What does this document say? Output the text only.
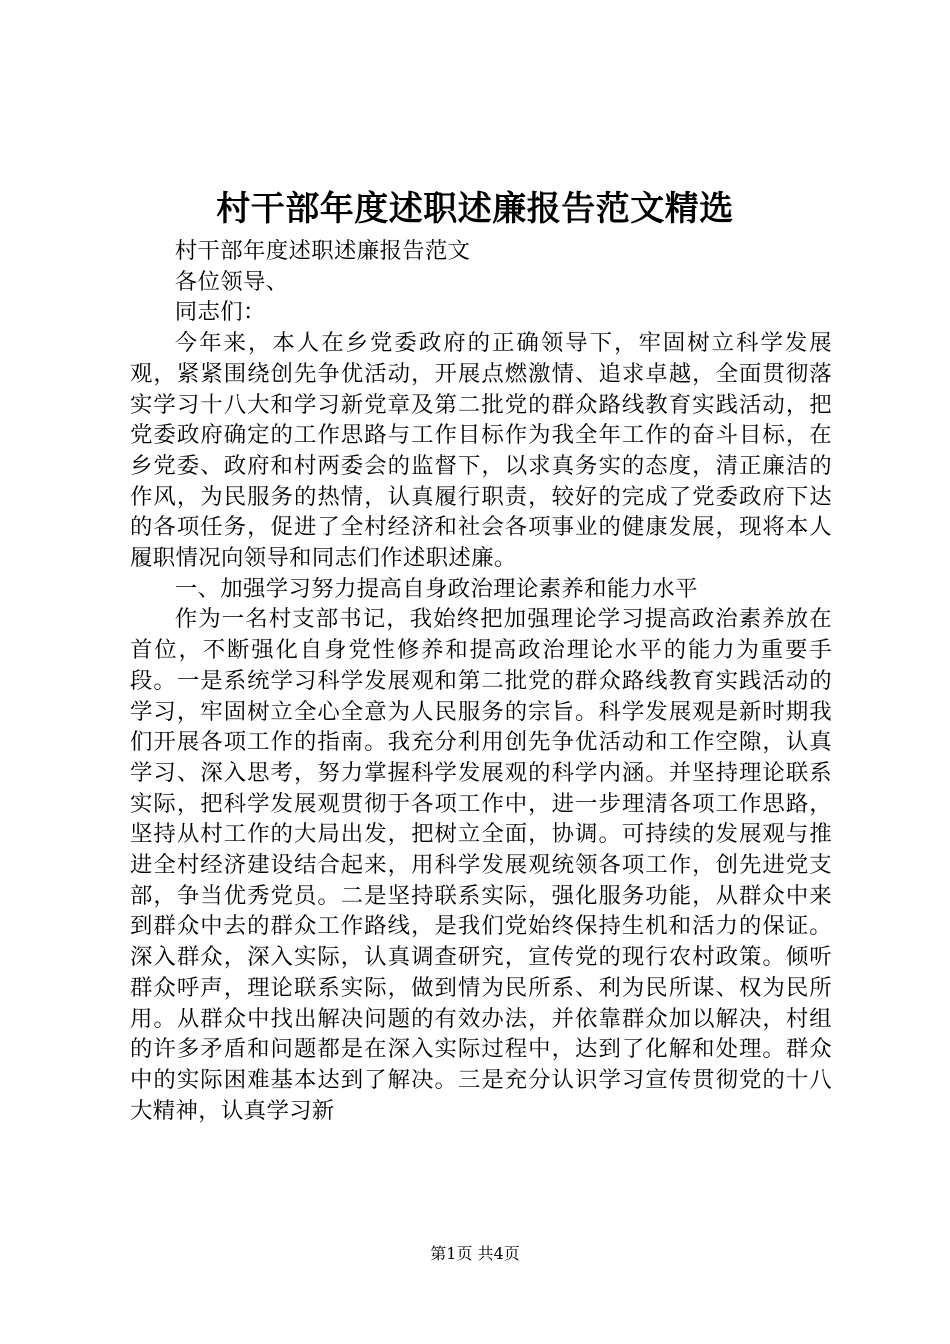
村干部年度述职述廉报告范文精选

村干部年度述职述廉报告范文

各位领导、

同志们：

今年来，本人在乡党委政府的正确领导下，牢固树立科学发展观，紧紧围绕创先争优活动，开展点燃激情、追求卓越，全面贯彻落实学习十八大和学习新党章及第二批党的群众路线教育实践活动，把党委政府确定的工作思路与工作目标作为我全年工作的奋斗目标，在乡党委、政府和村两委会的监督下，以求真务实的态度，清正廉洁的作风，为民服务的热情，认真履行职责，较好的完成了党委政府下达的各项任务，促进了全村经济和社会各项事业的健康发展，现将本人履职情况向领导和同志们作述职述廉。

一、加强学习努力提高自身政治理论素养和能力水平

作为一名村支部书记，我始终把加强理论学习提高政治素养放在首位，不断强化自身党性修养和提高政治理论水平的能力为重要手段。一是系统学习科学发展观和第二批党的群众路线教育实践活动的学习，牢固树立全心全意为人民服务的宗旨。科学发展观是新时期我们开展各项工作的指南。我充分利用创先争优活动和工作空隙，认真学习、深入思考，努力掌握科学发展观的科学内涵。并坚持理论联系实际，把科学发展观贯彻于各项工作中，进一步理清各项工作思路，坚持从村工作的大局出发，把树立全面，协调。可持续的发展观与推进全村经济建设结合起来，用科学发展观统领各项工作，创先进党支部，争当优秀党员。二是坚持联系实际，强化服务功能，从群众中来到群众中去的群众工作路线，是我们党始终保持生机和活力的保证。深入群众，深入实际，认真调查研究，宣传党的现行农村政策。倾听群众呼声，理论联系实际，做到情为民所系、利为民所谋、权为民所用。从群众中找出解决问题的有效办法，并依靠群众加以解决，村组的许多矛盾和问题都是在深入实际过程中，达到了化解和处理。群众中的实际困难基本达到了解决。三是充分认识学习宣传贯彻党的十八大精神，认真学习新

第1页 共4页
